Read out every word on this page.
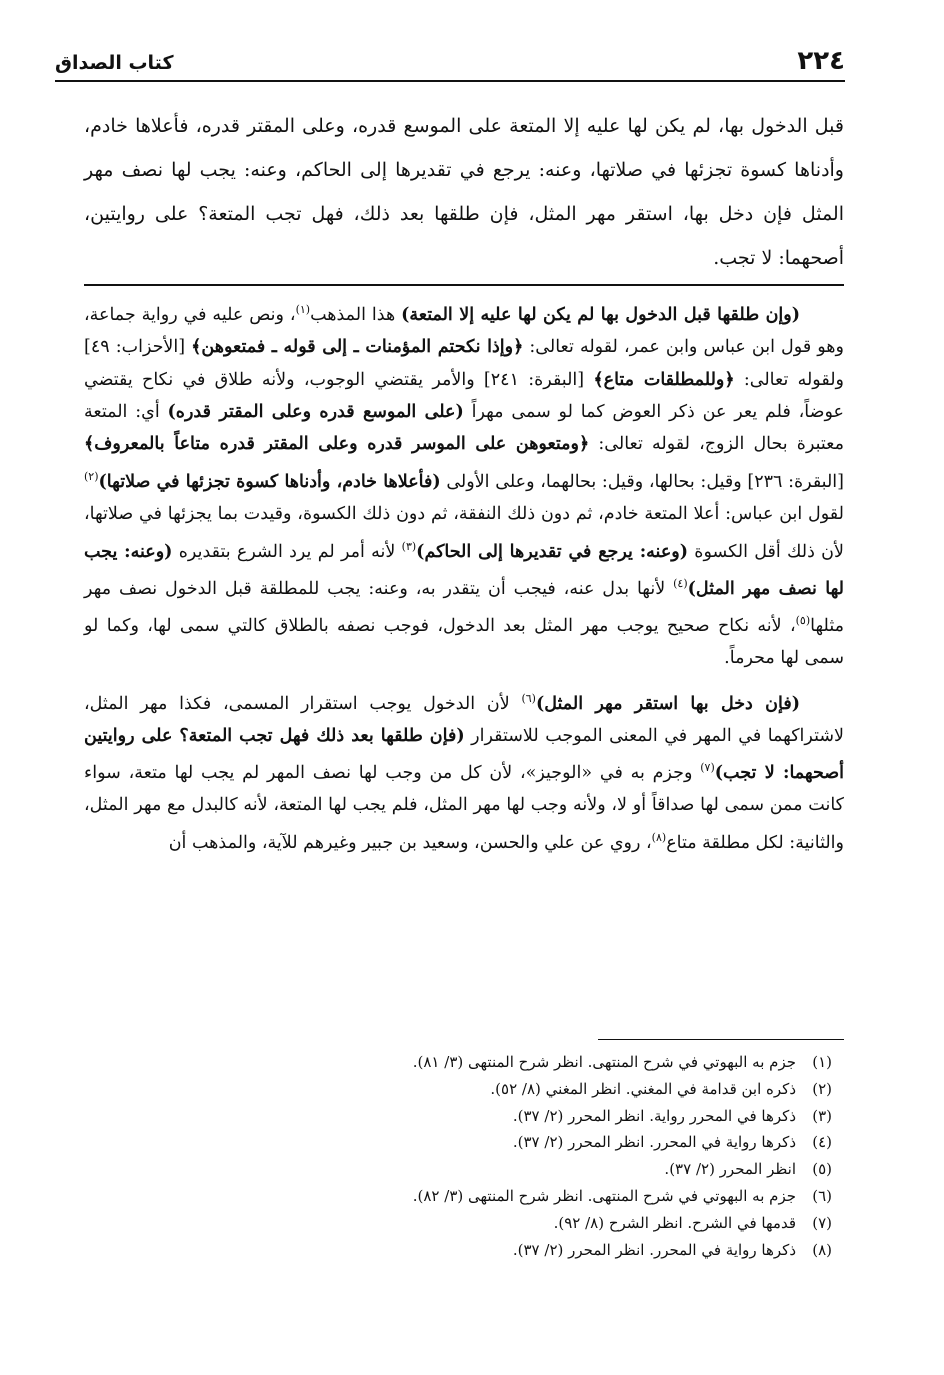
٢٢٤
كتاب الصداق
قبل الدخول بها، لم يكن لها عليه إلا المتعة على الموسع قدره، وعلى المقتر قدره، فأعلاها خادم، وأدناها كسوة تجزئها في صلاتها، وعنه: يرجع في تقديرها إلى الحاكم، وعنه: يجب لها نصف مهر المثل فإن دخل بها، استقر مهر المثل، فإن طلقها بعد ذلك، فهل تجب المتعة؟ على روايتين، أصحهما: لا تجب.

(وإن طلقها قبل الدخول بها لم يكن لها عليه إلا المتعة) هذا المذهب$^{(١)}$، ونص عليه في رواية جماعة، وهو قول ابن عباس وابن عمر، لقوله تعالى: ﴿وإذا نكحتم المؤمنات ـ إلى قوله ـ فمتعوهن﴾ [الأحزاب: ٤٩] ولقوله تعالى: ﴿وللمطلقات متاع﴾ [البقرة: ٢٤١] والأمر يقتضي الوجوب، ولأنه طلاق في نكاح يقتضي عوضاً، فلم يعر عن ذكر العوض كما لو سمى مهراً (على الموسع قدره وعلى المقتر قدره) أي: المتعة معتبرة بحال الزوج، لقوله تعالى: ﴿ومتعوهن على الموسر قدره وعلى المقتر قدره متاعاً بالمعروف﴾ [البقرة: ٢٣٦] وقيل: بحالها، وقيل: بحالهما، وعلى الأولى (فأعلاها خادم، وأدناها كسوة تجزئها في صلاتها)$^{(٢)}$ لقول ابن عباس: أعلا المتعة خادم، ثم دون ذلك النفقة، ثم دون ذلك الكسوة، وقيدت بما يجزئها في صلاتها، لأن ذلك أقل الكسوة (وعنه: يرجع في تقديرها إلى الحاكم)$^{(٣)}$ لأنه أمر لم يرد الشرع بتقديره (وعنه: يجب لها نصف مهر المثل)$^{(٤)}$ لأنها بدل عنه، فيجب أن يتقدر به، وعنه: يجب للمطلقة قبل الدخول نصف مهر مثلها$^{(٥)}$، لأنه نكاح صحيح يوجب مهر المثل بعد الدخول، فوجب نصفه بالطلاق كالتي سمى لها، وكما لو سمى لها محرماً.

(فإن دخل بها استقر مهر المثل)$^{(٦)}$ لأن الدخول يوجب استقرار المسمى، فكذا مهر المثل، لاشتراكهما في المهر في المعنى الموجب للاستقرار (فإن طلقها بعد ذلك فهل تجب المتعة؟ على روايتين أصحهما: لا تجب)$^{(٧)}$ وجزم به في «الوجيز»، لأن كل من وجب لها نصف المهر لم يجب لها متعة، سواء كانت ممن سمى لها صداقاً أو لا، ولأنه وجب لها مهر المثل، فلم يجب لها المتعة، لأنه كالبدل مع مهر المثل، والثانية: لكل مطلقة متاع$^{(٨)}$، روي عن علي والحسن، وسعيد بن جبير وغيرهم للآية، والمذهب أن

(١)جزم به البهوتي في شرح المنتهى. انظر شرح المنتهى (٣/ ٨١).
(٢)ذكره ابن قدامة في المغني. انظر المغني (٨/ ٥٢).
(٣)ذكرها في المحرر رواية. انظر المحرر (٢/ ٣٧).
(٤)ذكرها رواية في المحرر. انظر المحرر (٢/ ٣٧).
(٥)انظر المحرر (٢/ ٣٧).
(٦)جزم به البهوتي في شرح المنتهى. انظر شرح المنتهى (٣/ ٨٢).
(٧)قدمها في الشرح. انظر الشرح (٨/ ٩٢).
(٨)ذكرها رواية في المحرر. انظر المحرر (٢/ ٣٧).
